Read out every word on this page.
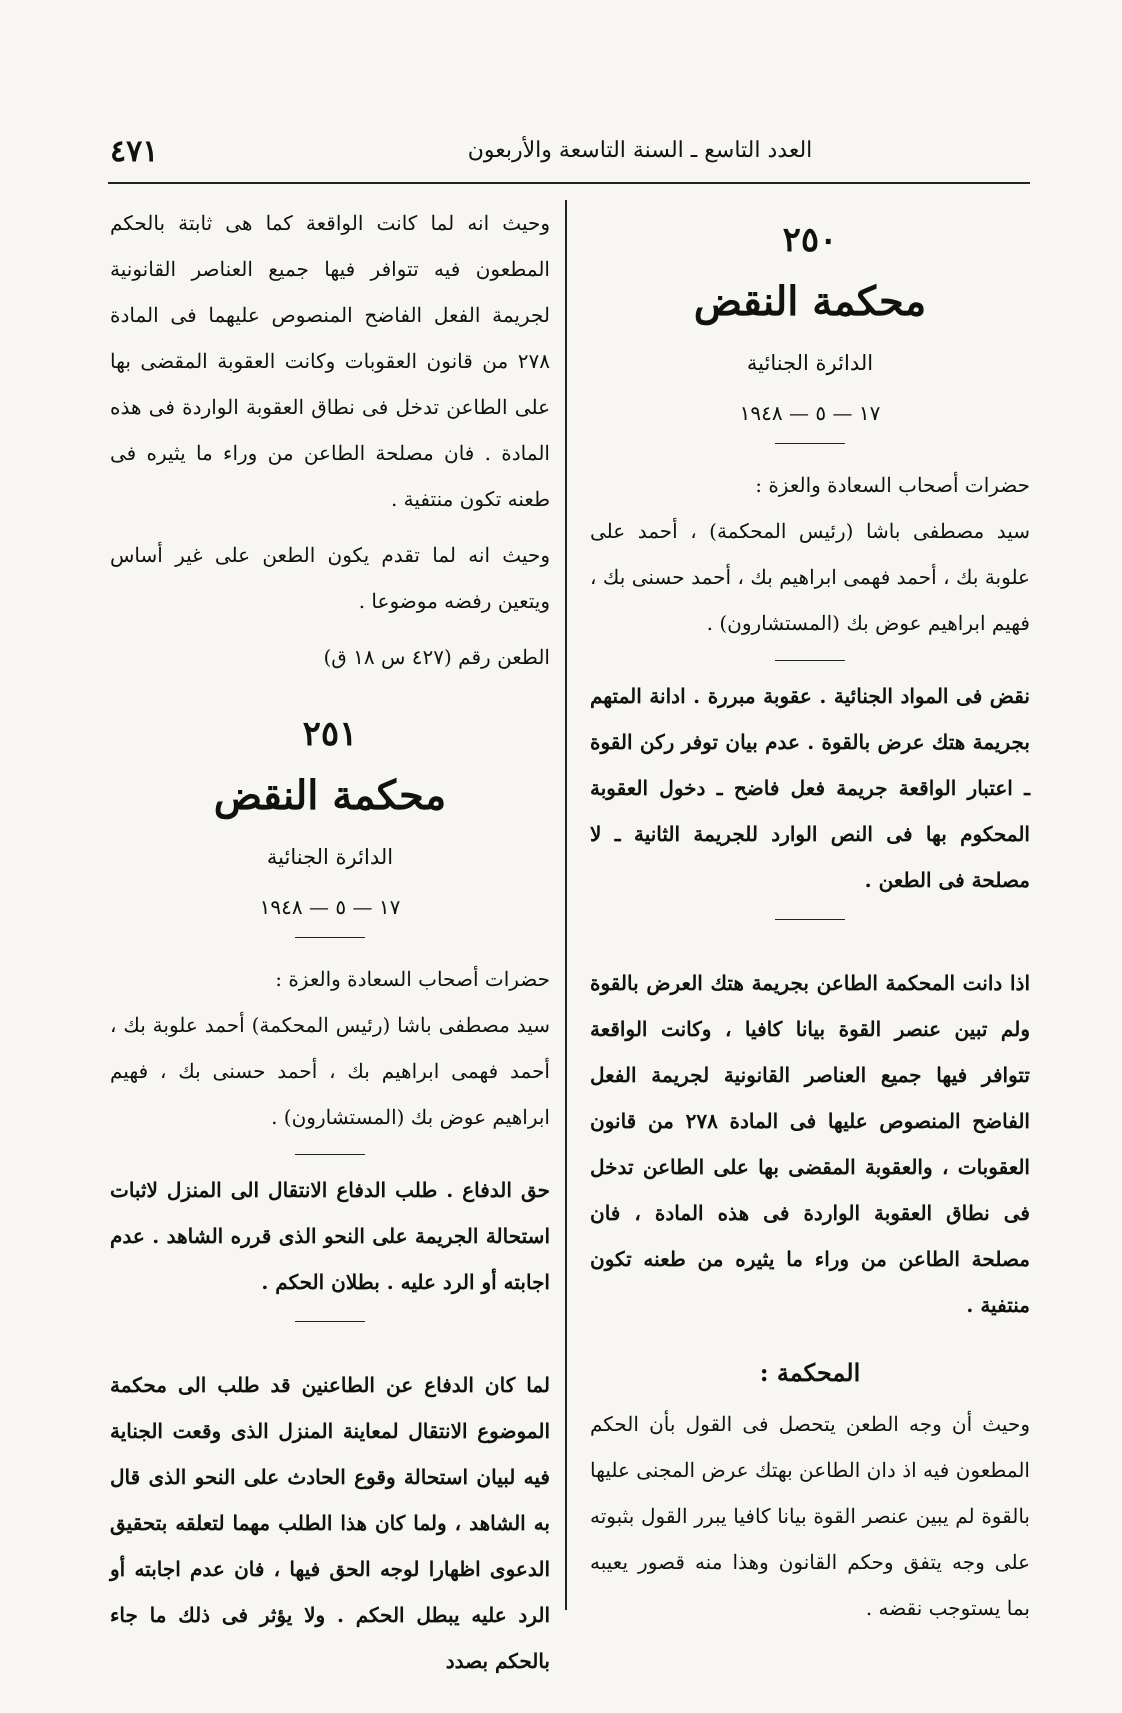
٤٧١	العدد التاسع ـ السنة التاسعة والأربعون
٢٥٠
محكمة النقض
الدائرة الجنائية
١٧ — ٥ — ١٩٤٨

حضرات أصحاب السعادة والعزة :

سيد مصطفى باشا (رئيس المحكمة) ، أحمد على علوبة بك ، أحمد فهمى ابراهيم بك ، أحمد حسنى بك ، فهيم ابراهيم عوض بك (المستشارون) .

نقض فى المواد الجنائية . عقوبة مبررة . ادانة المتهم بجريمة هتك عرض بالقوة . عدم بيان توفر ركن القوة ـ اعتبار الواقعة جريمة فعل فاضح ـ دخول العقوبة المحكوم بها فى النص الوارد للجريمة الثانية ـ لا مصلحة فى الطعن .

اذا دانت المحكمة الطاعن بجريمة هتك العرض بالقوة ولم تبين عنصر القوة بيانا كافيا ، وكانت الواقعة تتوافر فيها جميع العناصر القانونية لجريمة الفعل الفاضح المنصوص عليها فى المادة ٢٧٨ من قانون العقوبات ، والعقوبة المقضى بها على الطاعن تدخل فى نطاق العقوبة الواردة فى هذه المادة ، فان مصلحة الطاعن من وراء ما يثيره من طعنه تكون منتفية .

المحكمة :

وحيث أن وجه الطعن يتحصل فى القول بأن الحكم المطعون فيه اذ دان الطاعن بهتك عرض المجنى عليها بالقوة لم يبين عنصر القوة بيانا كافيا يبرر القول بثبوته على وجه يتفق وحكم القانون وهذا منه قصور يعيبه بما يستوجب نقضه .

وحيث انه لما كانت الواقعة كما هى ثابتة بالحكم المطعون فيه تتوافر فيها جميع العناصر القانونية لجريمة الفعل الفاضح المنصوص عليهما فى المادة ٢٧٨ من قانون العقوبات وكانت العقوبة المقضى بها على الطاعن تدخل فى نطاق العقوبة الواردة فى هذه المادة . فان مصلحة الطاعن من وراء ما يثيره فى طعنه تكون منتفية .

وحيث انه لما تقدم يكون الطعن على غير أساس ويتعين رفضه موضوعا .

الطعن رقم (٤٢٧ س ١٨ ق)

٢٥١
محكمة النقض
الدائرة الجنائية
١٧ — ٥ — ١٩٤٨

حضرات أصحاب السعادة والعزة :

سيد مصطفى باشا (رئيس المحكمة) أحمد علوبة بك ، أحمد فهمى ابراهيم بك ، أحمد حسنى بك ، فهيم ابراهيم عوض بك (المستشارون) .

حق الدفاع . طلب الدفاع الانتقال الى المنزل لاثبات استحالة الجريمة على النحو الذى قرره الشاهد . عدم اجابته أو الرد عليه . بطلان الحكم .

لما كان الدفاع عن الطاعنين قد طلب الى محكمة الموضوع الانتقال لمعاينة المنزل الذى وقعت الجناية فيه لبيان استحالة وقوع الحادث على النحو الذى قال به الشاهد ، ولما كان هذا الطلب مهما لتعلقه بتحقيق الدعوى اظهارا لوجه الحق فيها ، فان عدم اجابته أو الرد عليه يبطل الحكم . ولا يؤثر فى ذلك ما جاء بالحكم بصدد
